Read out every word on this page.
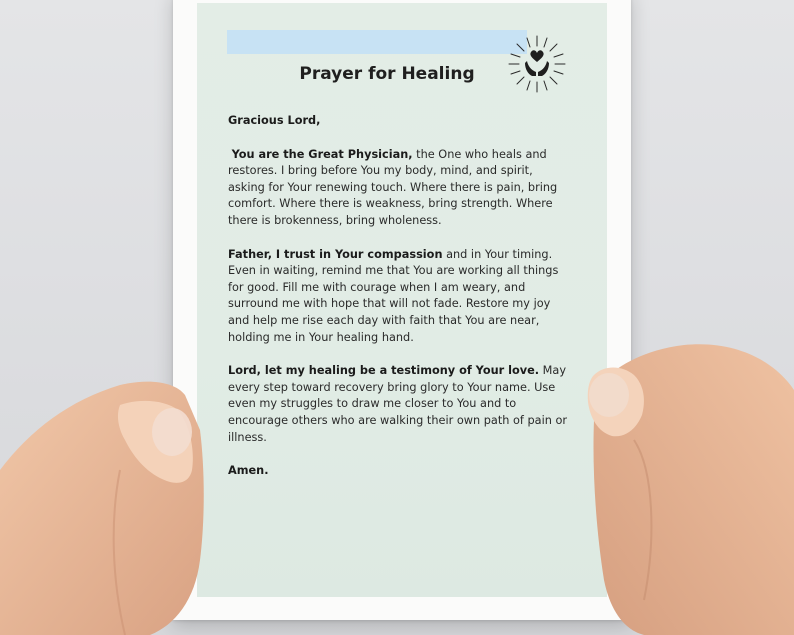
Prayer for Healing

Gracious Lord,

You are the Great Physician, the One who heals and restores. I bring before You my body, mind, and spirit, asking for Your renewing touch. Where there is pain, bring comfort. Where there is weakness, bring strength. Where there is brokenness, bring wholeness.

Father, I trust in Your compassion and in Your timing. Even in waiting, remind me that You are working all things for good. Fill me with courage when I am weary, and surround me with hope that will not fade. Restore my joy and help me rise each day with faith that You are near, holding me in Your healing hand.

Lord, let my healing be a testimony of Your love. May every step toward recovery bring glory to Your name. Use even my struggles to draw me closer to You and to encourage others who are walking their own path of pain or illness.

Amen.
